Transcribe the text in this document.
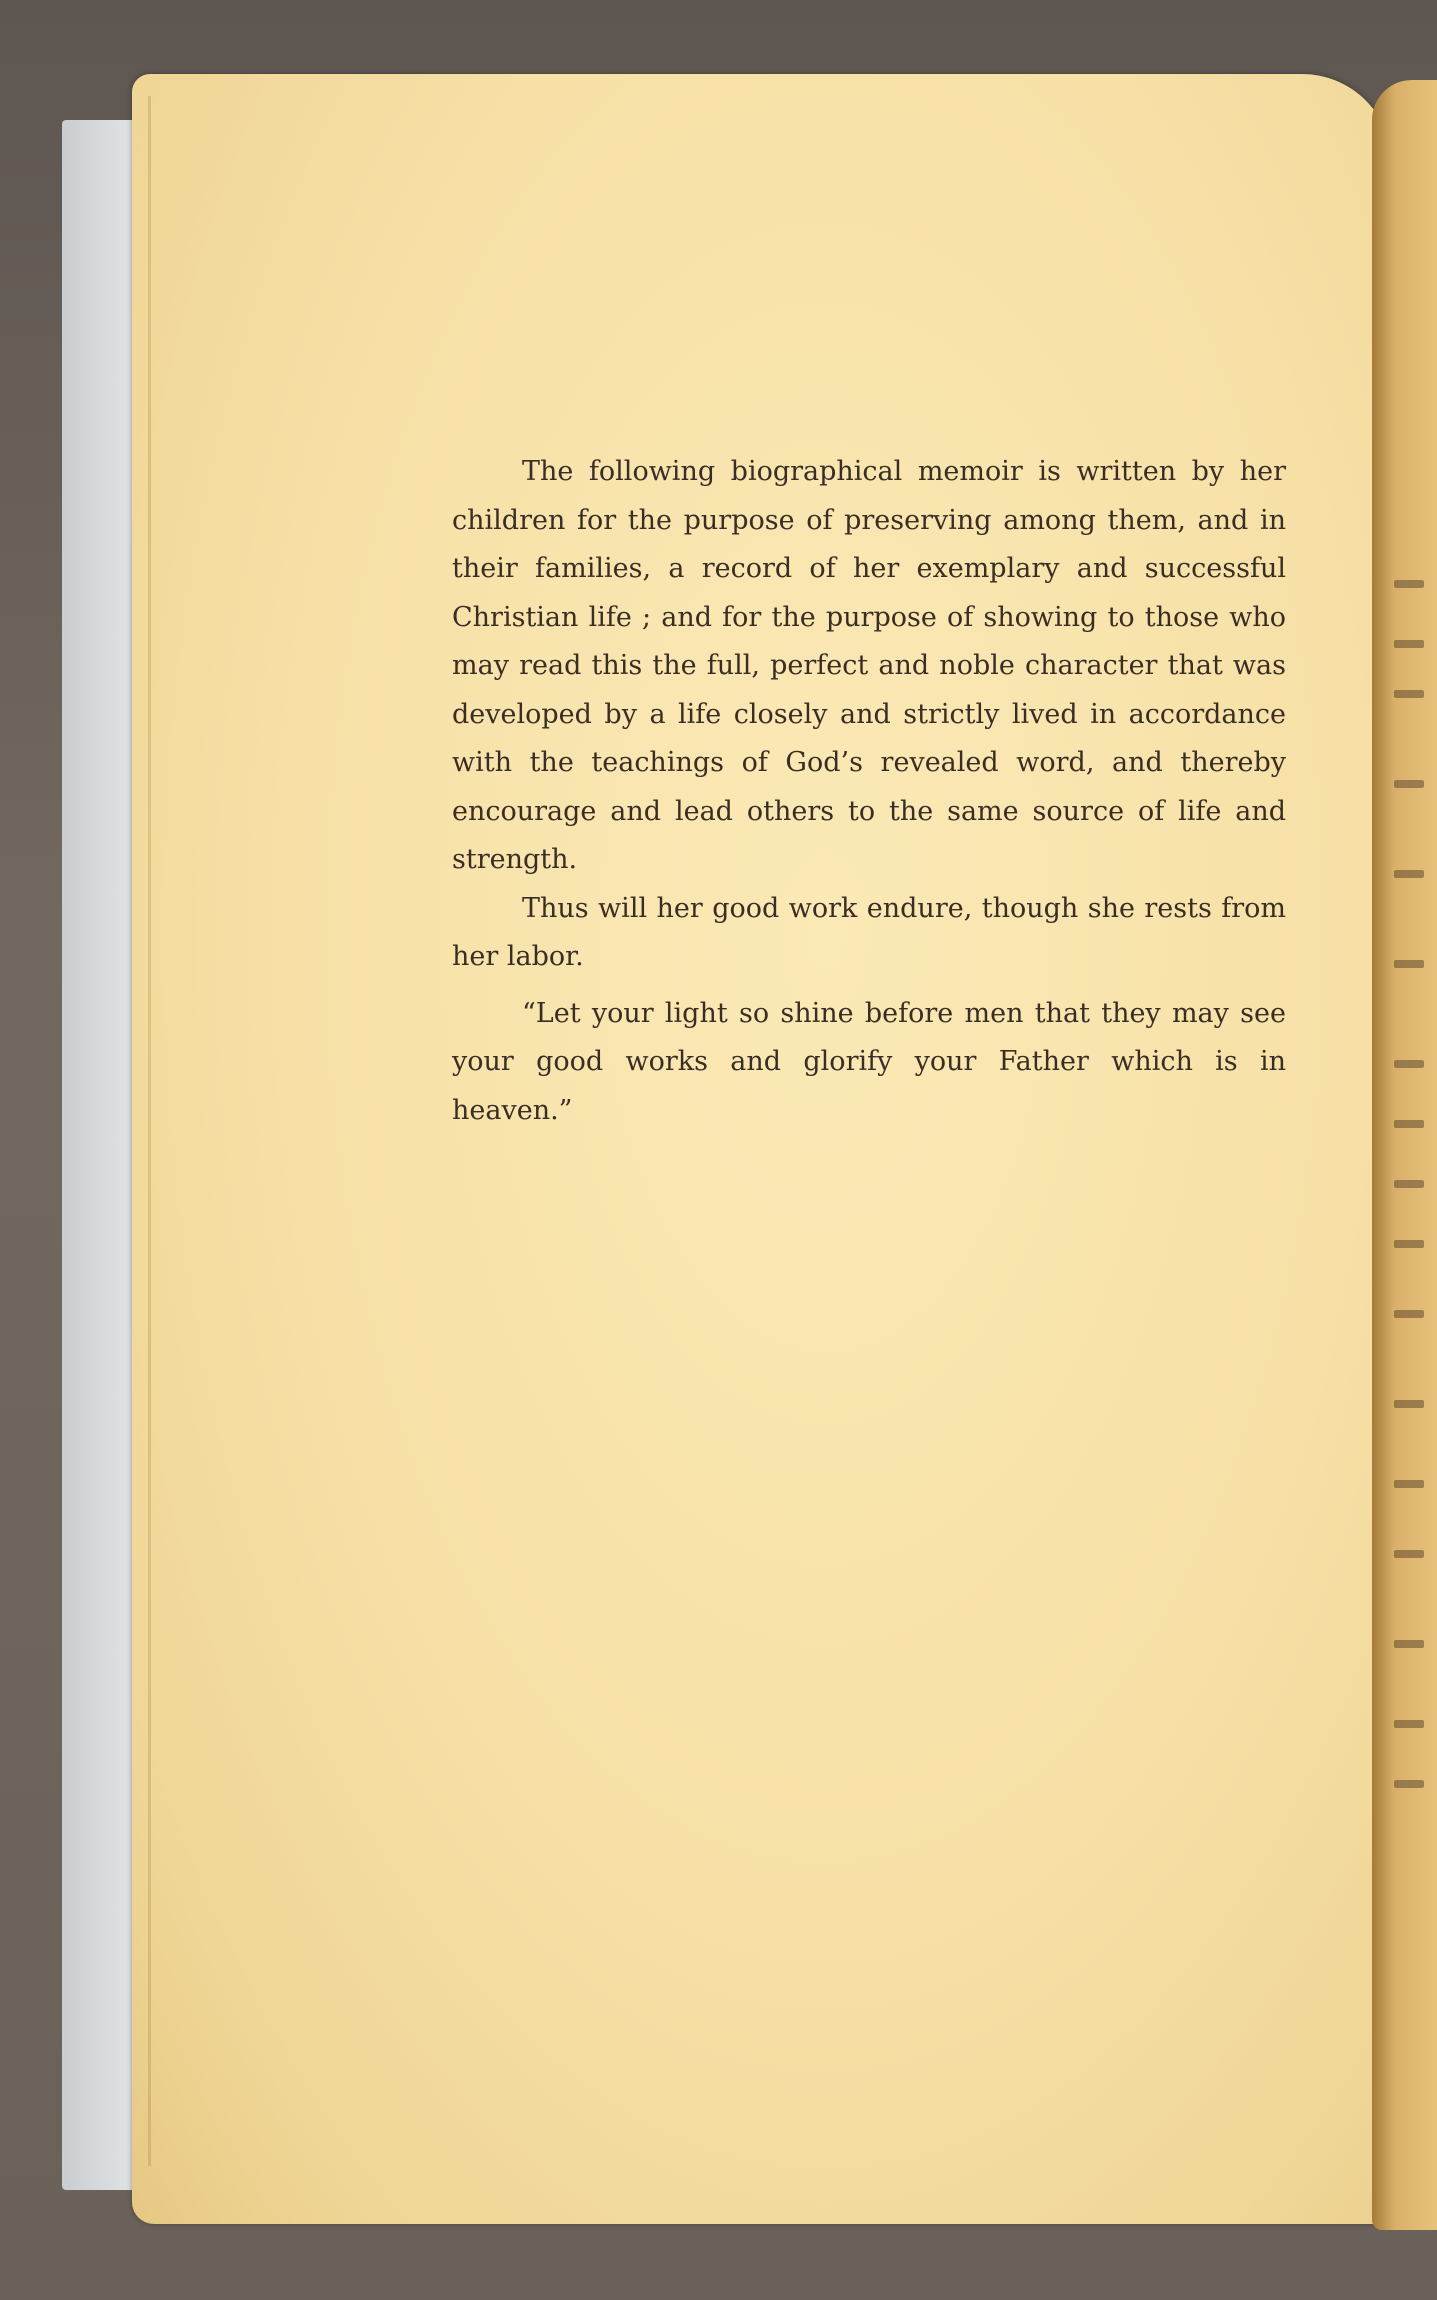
The following biographical memoir is written by her children for the purpose of preserving among them, and in their families, a record of her exemplary and successful Christian life ; and for the purpose of showing to those who may read this the full, perfect and noble character that was developed by a life closely and strictly lived in accordance with the teachings of God’s revealed word, and thereby encourage and lead others to the same source of life and strength.

Thus will her good work endure, though she rests from her labor.

“Let your light so shine before men that they may see your good works and glorify your Father which is in heaven.”
